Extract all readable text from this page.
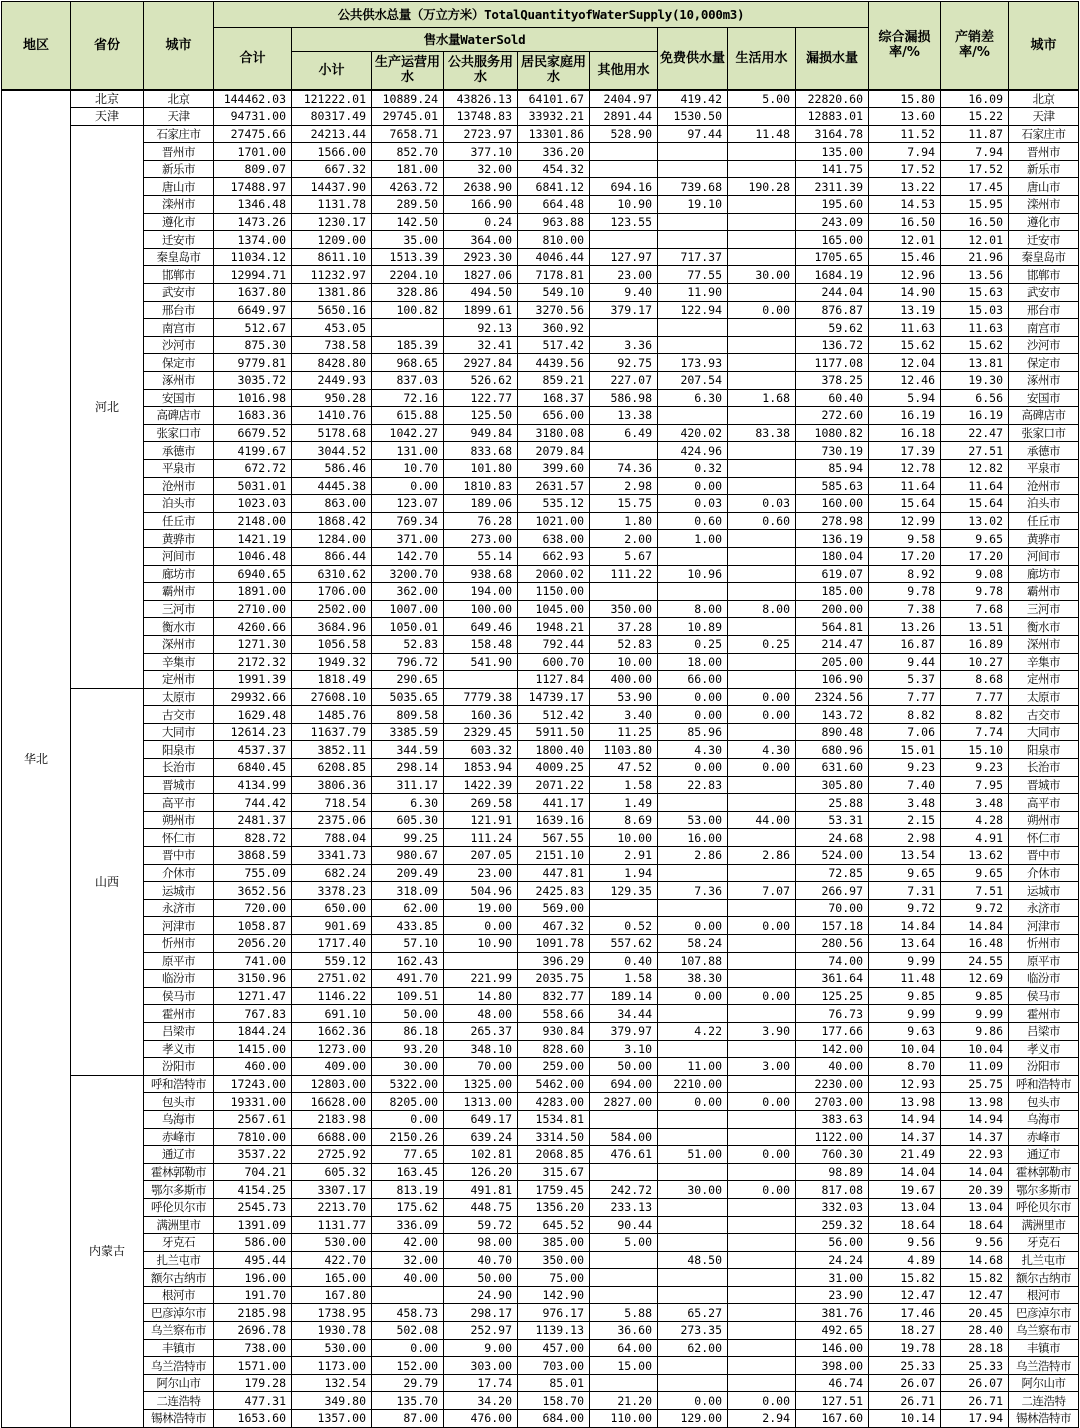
地区	省份	城市	公共供水总量（万立方米）TotalQuantityofWaterSupply(10,000m3)									综合漏损率/%	产销差率/%	城市
			合计	售水量WaterSold					免费供水量	生活用水	漏损水量			
				小计	生产运营用水	公共服务用水	居民家庭用水	其他用水						
华北	北京	北京	144462.03	121222.01	10889.24	43826.13	64101.67	2404.97	419.42	5.00	22820.60	15.80	16.09	北京
	天津	天津	94731.00	80317.49	29745.01	13748.83	33932.21	2891.44	1530.50		12883.01	13.60	15.22	天津
	河北	石家庄市	27475.66	24213.44	7658.71	2723.97	13301.86	528.90	97.44	11.48	3164.78	11.52	11.87	石家庄市
		晋州市	1701.00	1566.00	852.70	377.10	336.20				135.00	7.94	7.94	晋州市
		新乐市	809.07	667.32	181.00	32.00	454.32				141.75	17.52	17.52	新乐市
		唐山市	17488.97	14437.90	4263.72	2638.90	6841.12	694.16	739.68	190.28	2311.39	13.22	17.45	唐山市
		滦州市	1346.48	1131.78	289.50	166.90	664.48	10.90	19.10		195.60	14.53	15.95	滦州市
		遵化市	1473.26	1230.17	142.50	0.24	963.88	123.55			243.09	16.50	16.50	遵化市
		迁安市	1374.00	1209.00	35.00	364.00	810.00				165.00	12.01	12.01	迁安市
		秦皇岛市	11034.12	8611.10	1513.39	2923.30	4046.44	127.97	717.37		1705.65	15.46	21.96	秦皇岛市
		邯郸市	12994.71	11232.97	2204.10	1827.06	7178.81	23.00	77.55	30.00	1684.19	12.96	13.56	邯郸市
		武安市	1637.80	1381.86	328.86	494.50	549.10	9.40	11.90		244.04	14.90	15.63	武安市
		邢台市	6649.97	5650.16	100.82	1899.61	3270.56	379.17	122.94	0.00	876.87	13.19	15.03	邢台市
		南宫市	512.67	453.05		92.13	360.92				59.62	11.63	11.63	南宫市
		沙河市	875.30	738.58	185.39	32.41	517.42	3.36			136.72	15.62	15.62	沙河市
		保定市	9779.81	8428.80	968.65	2927.84	4439.56	92.75	173.93		1177.08	12.04	13.81	保定市
		涿州市	3035.72	2449.93	837.03	526.62	859.21	227.07	207.54		378.25	12.46	19.30	涿州市
		安国市	1016.98	950.28	72.16	122.77	168.37	586.98	6.30	1.68	60.40	5.94	6.56	安国市
		高碑店市	1683.36	1410.76	615.88	125.50	656.00	13.38			272.60	16.19	16.19	高碑店市
		张家口市	6679.52	5178.68	1042.27	949.84	3180.08	6.49	420.02	83.38	1080.82	16.18	22.47	张家口市
		承德市	4199.67	3044.52	131.00	833.68	2079.84		424.96		730.19	17.39	27.51	承德市
		平泉市	672.72	586.46	10.70	101.80	399.60	74.36	0.32		85.94	12.78	12.82	平泉市
		沧州市	5031.01	4445.38	0.00	1810.83	2631.57	2.98	0.00		585.63	11.64	11.64	沧州市
		泊头市	1023.03	863.00	123.07	189.06	535.12	15.75	0.03	0.03	160.00	15.64	15.64	泊头市
		任丘市	2148.00	1868.42	769.34	76.28	1021.00	1.80	0.60	0.60	278.98	12.99	13.02	任丘市
		黄骅市	1421.19	1284.00	371.00	273.00	638.00	2.00	1.00		136.19	9.58	9.65	黄骅市
		河间市	1046.48	866.44	142.70	55.14	662.93	5.67			180.04	17.20	17.20	河间市
		廊坊市	6940.65	6310.62	3200.70	938.68	2060.02	111.22	10.96		619.07	8.92	9.08	廊坊市
		霸州市	1891.00	1706.00	362.00	194.00	1150.00				185.00	9.78	9.78	霸州市
		三河市	2710.00	2502.00	1007.00	100.00	1045.00	350.00	8.00	8.00	200.00	7.38	7.68	三河市
		衡水市	4260.66	3684.96	1050.01	649.46	1948.21	37.28	10.89		564.81	13.26	13.51	衡水市
		深州市	1271.30	1056.58	52.83	158.48	792.44	52.83	0.25	0.25	214.47	16.87	16.89	深州市
		辛集市	2172.32	1949.32	796.72	541.90	600.70	10.00	18.00		205.00	9.44	10.27	辛集市
		定州市	1991.39	1818.49	290.65		1127.84	400.00	66.00		106.90	5.37	8.68	定州市
	山西	太原市	29932.66	27608.10	5035.65	7779.38	14739.17	53.90	0.00	0.00	2324.56	7.77	7.77	太原市
		古交市	1629.48	1485.76	809.58	160.36	512.42	3.40	0.00	0.00	143.72	8.82	8.82	古交市
		大同市	12614.23	11637.79	3385.59	2329.45	5911.50	11.25	85.96		890.48	7.06	7.74	大同市
		阳泉市	4537.37	3852.11	344.59	603.32	1800.40	1103.80	4.30	4.30	680.96	15.01	15.10	阳泉市
		长治市	6840.45	6208.85	298.14	1853.94	4009.25	47.52	0.00	0.00	631.60	9.23	9.23	长治市
		晋城市	4134.99	3806.36	311.17	1422.39	2071.22	1.58	22.83		305.80	7.40	7.95	晋城市
		高平市	744.42	718.54	6.30	269.58	441.17	1.49			25.88	3.48	3.48	高平市
		朔州市	2481.37	2375.06	605.30	121.91	1639.16	8.69	53.00	44.00	53.31	2.15	4.28	朔州市
		怀仁市	828.72	788.04	99.25	111.24	567.55	10.00	16.00		24.68	2.98	4.91	怀仁市
		晋中市	3868.59	3341.73	980.67	207.05	2151.10	2.91	2.86	2.86	524.00	13.54	13.62	晋中市
		介休市	755.09	682.24	209.49	23.00	447.81	1.94			72.85	9.65	9.65	介休市
		运城市	3652.56	3378.23	318.09	504.96	2425.83	129.35	7.36	7.07	266.97	7.31	7.51	运城市
		永济市	720.00	650.00	62.00	19.00	569.00				70.00	9.72	9.72	永济市
		河津市	1058.87	901.69	433.85	0.00	467.32	0.52	0.00	0.00	157.18	14.84	14.84	河津市
		忻州市	2056.20	1717.40	57.10	10.90	1091.78	557.62	58.24		280.56	13.64	16.48	忻州市
		原平市	741.00	559.12	162.43		396.29	0.40	107.88		74.00	9.99	24.55	原平市
		临汾市	3150.96	2751.02	491.70	221.99	2035.75	1.58	38.30		361.64	11.48	12.69	临汾市
		侯马市	1271.47	1146.22	109.51	14.80	832.77	189.14	0.00	0.00	125.25	9.85	9.85	侯马市
		霍州市	767.83	691.10	50.00	48.00	558.66	34.44			76.73	9.99	9.99	霍州市
		吕梁市	1844.24	1662.36	86.18	265.37	930.84	379.97	4.22	3.90	177.66	9.63	9.86	吕梁市
		孝义市	1415.00	1273.00	93.20	348.10	828.60	3.10			142.00	10.04	10.04	孝义市
		汾阳市	460.00	409.00	30.00	70.00	259.00	50.00	11.00	3.00	40.00	8.70	11.09	汾阳市
	内蒙古	呼和浩特市	17243.00	12803.00	5322.00	1325.00	5462.00	694.00	2210.00		2230.00	12.93	25.75	呼和浩特市
		包头市	19331.00	16628.00	8205.00	1313.00	4283.00	2827.00	0.00	0.00	2703.00	13.98	13.98	包头市
		乌海市	2567.61	2183.98	0.00	649.17	1534.81				383.63	14.94	14.94	乌海市
		赤峰市	7810.00	6688.00	2150.26	639.24	3314.50	584.00			1122.00	14.37	14.37	赤峰市
		通辽市	3537.22	2725.92	77.65	102.81	2068.85	476.61	51.00	0.00	760.30	21.49	22.93	通辽市
		霍林郭勒市	704.21	605.32	163.45	126.20	315.67				98.89	14.04	14.04	霍林郭勒市
		鄂尔多斯市	4154.25	3307.17	813.19	491.81	1759.45	242.72	30.00	0.00	817.08	19.67	20.39	鄂尔多斯市
		呼伦贝尔市	2545.73	2213.70	175.62	448.75	1356.20	233.13			332.03	13.04	13.04	呼伦贝尔市
		满洲里市	1391.09	1131.77	336.09	59.72	645.52	90.44			259.32	18.64	18.64	满洲里市
		牙克石	586.00	530.00	42.00	98.00	385.00	5.00			56.00	9.56	9.56	牙克石
		扎兰屯市	495.44	422.70	32.00	40.70	350.00		48.50		24.24	4.89	14.68	扎兰屯市
		额尔古纳市	196.00	165.00	40.00	50.00	75.00				31.00	15.82	15.82	额尔古纳市
		根河市	191.70	167.80		24.90	142.90				23.90	12.47	12.47	根河市
		巴彦淖尔市	2185.98	1738.95	458.73	298.17	976.17	5.88	65.27		381.76	17.46	20.45	巴彦淖尔市
		乌兰察布市	2696.78	1930.78	502.08	252.97	1139.13	36.60	273.35		492.65	18.27	28.40	乌兰察布市
		丰镇市	738.00	530.00	0.00	9.00	457.00	64.00	62.00		146.00	19.78	28.18	丰镇市
		乌兰浩特市	1571.00	1173.00	152.00	303.00	703.00	15.00			398.00	25.33	25.33	乌兰浩特市
		阿尔山市	179.28	132.54	29.79	17.74	85.01				46.74	26.07	26.07	阿尔山市
		二连浩特	477.31	349.80	135.70	34.20	158.70	21.20	0.00	0.00	127.51	26.71	26.71	二连浩特
		锡林浩特市	1653.60	1357.00	87.00	476.00	684.00	110.00	129.00	2.94	167.60	10.14	17.94	锡林浩特市
